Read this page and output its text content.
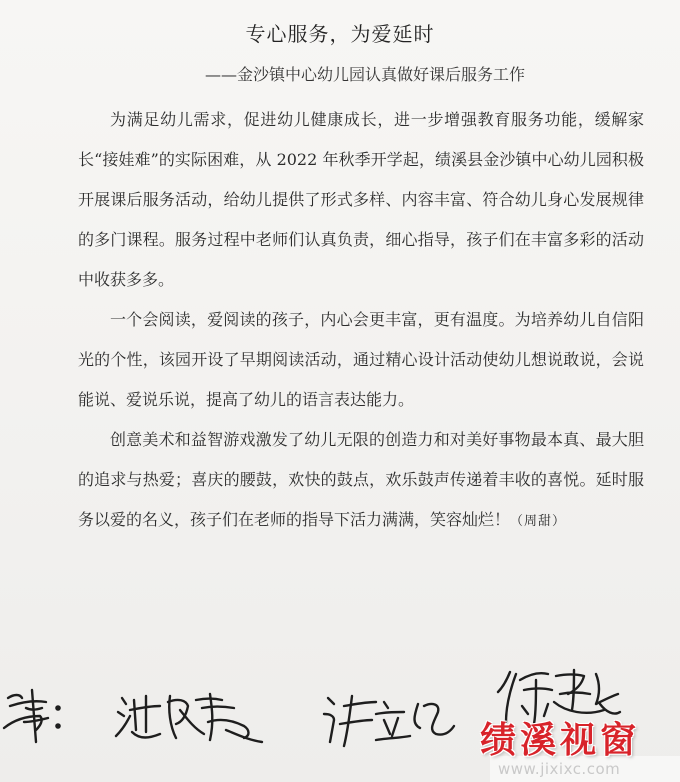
专心服务，为爱延时
——金沙镇中心幼儿园认真做好课后服务工作

为满足幼儿需求，促进幼儿健康成长，进一步增强教育服务功能，缓解家长“接娃难”的实际困难，从 2022 年秋季开学起，绩溪县金沙镇中心幼儿园积极开展课后服务活动，给幼儿提供了形式多样、内容丰富、符合幼儿身心发展规律的多门课程。服务过程中老师们认真负责，细心指导，孩子们在丰富多彩的活动中收获多多。

一个会阅读，爱阅读的孩子，内心会更丰富，更有温度。为培养幼儿自信阳光的个性，该园开设了早期阅读活动，通过精心设计活动使幼儿想说敢说，会说能说、爱说乐说，提高了幼儿的语言表达能力。

创意美术和益智游戏激发了幼儿无限的创造力和对美好事物最本真、最大胆的追求与热爱；喜庆的腰鼓，欢快的鼓点，欢乐鼓声传递着丰收的喜悦。延时服务以爱的名义，孩子们在老师的指导下活力满满，笑容灿烂！（周甜）

绩溪视窗
www.jixixc.com
